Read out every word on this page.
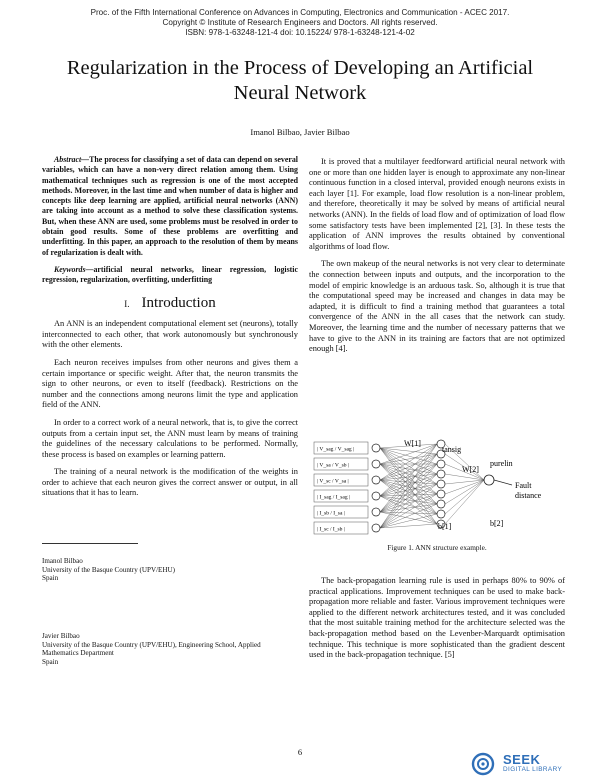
Proc. of the Fifth International Conference on Advances in Computing, Electronics and Communication - ACEC 2017.
Copyright © Institute of Research Engineers and Doctors. All rights reserved.
ISBN: 978-1-63248-121-4 doi: 10.15224/ 978-1-63248-121-4-02
Regularization in the Process of Developing an Artificial Neural Network
Imanol Bilbao, Javier Bilbao

Abstract—The process for classifying a set of data can depend on several variables, which can have a non-very direct relation among them. Using mathematical techniques such as regression is one of the most accepted methods. Moreover, in the last time and when number of data is higher and concepts like deep learning are applied, artificial neural networks (ANN) are taking into account as a method to solve these classification systems. But, when these ANN are used, some problems must be resolved in order to obtain good results. Some of these problems are overfitting and underfitting. In this paper, an approach to the resolution of them by means of regularization is dealt with.

Keywords—artificial neural networks, linear regression, logistic regression, regularization, overfitting, underfitting

I. Introduction

An ANN is an independent computational element set (neurons), totally interconnected to each other, that work autonomously but synchronously with the other elements.

Each neuron receives impulses from other neurons and gives them a certain importance or specific weight. After that, the neuron transmits the sign to other neurons, or even to itself (feedback). Restrictions on the number and the connections among neurons limit the type and application field of the ANN.

In order to a correct work of a neural network, that is, to give the correct outputs from a certain input set, the ANN must learn by means of training the guidelines of the necessary calculations to be performed. Normally, these process is based on examples or learning pattern.

The training of a neural network is the modification of the weights in order to achieve that each neuron gives the correct answer or output, in all situations that it has to learn.

Imanol Bilbao
University of the Basque Country (UPV/EHU)
Spain
Javier Bilbao
University of the Basque Country (UPV/EHU), Engineering School, Applied
Mathematics Department
Spain

It is proved that a multilayer feedforward artificial neural network with one or more than one hidden layer is enough to approximate any non-linear continuous function in a closed interval, provided enough neurons exists in each layer [1]. For example, load flow resolution is a non-linear problem, and therefore, theoretically it may be solved by means of artificial neural networks (ANN). In the fields of load flow and of optimization of load flow some satisfactory tests have been implemented [2], [3]. In these tests the application of ANN improves the results obtained by conventional algorithms of load flow.

The own makeup of the neural networks is not very clear to determinate the connection between inputs and outputs, and the incorporation to the model of empiric knowledge is an arduous task. So, although it is true that the computational speed may be increased and changes in data may be adapted, it is difficult to find a training method that guarantees a total convergence of the ANN in the all cases that the network can study. Moreover, the learning time and the number of necessary patterns that we have to give to the ANN in its training are factors that are not optimized enough [4].

| V_sag / V_sag |
| V_sa / V_sb |
| V_sc / V_sa |
| I_sag / I_sag |
| I_sb / I_sa |
| I_sc / I_sb |
W[1]
tansig
W[2]
purelin
Fault
distance
b[1]	b[2]
Figure 1. ANN structure example.

The back-propagation learning rule is used in perhaps 80% to 90% of practical applications. Improvement techniques can be used to make back-propagation more reliable and faster. Various improvement techniques were applied to the different network architectures tested, and it was concluded that the most suitable training method for the architecture selected was the back-propagation method based on the Levenber-Marquardt optimisation technique. This technique is more sophisticated than the gradient descent used in the back-propagation technique. [5]

6	SEEK
DIGITAL LIBRARY
